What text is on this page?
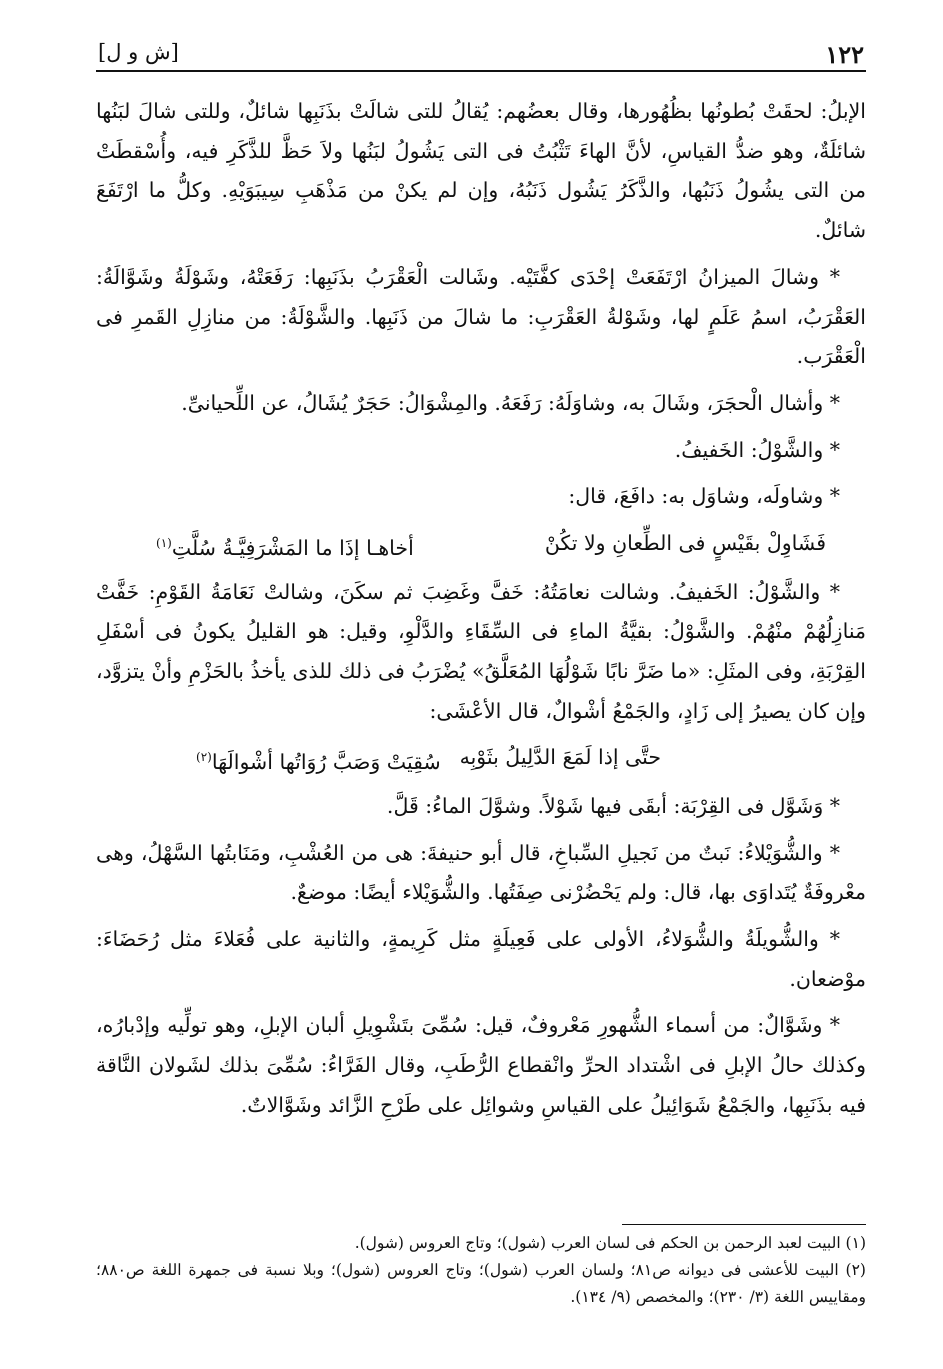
١٢٢
[ش و ل]

الإبلُ: لحقَتْ بُطونُها بظُهُورها، وقال بعضُهم: يُقالُ للتى شالَتْ بذَنَبِها شائلٌ، وللتى شالَ لبَنُها شائلَةٌ، وهو ضدُّ القياسِ، لأنَّ الهاءَ تَثْبُتُ فى التى يَشُولُ لبَنُها ولاَ حَظَّ للذَّكَرِ فيه، وأُسْقطَتْ من التى يشُولُ ذَنَبُها، والذَّكَرُ يَشُول ذَنَبُهُ، وإن لم يكنْ من مَذْهَبِ سِيبَوَيْهِ. وكلُّ ما ارْتَفَعَ شائلٌ.

* وشالَ الميزانُ ارْتَفَعَتْ إحْدَى كفَّتَيْه. وشَالت الْعَقْرَبُ بذَنَبِها: رَفَعَتْهُ، وشَوْلَةُ وشَوَّالَةُ: العَقْرَبُ، اسمُ عَلَمٍ لها، وشَوْلةُ العَقْرَبِ: ما شالَ من ذَنَبِها. والشَّوْلَةُ: من منازِلِ القَمرِ فى الْعَقْرَب.

* وأشال الْحجَرَ، وشَالَ به، وشاوَلَهُ: رَفَعَهُ. والمِشْوَالُ: حَجَرٌ يُشَالُ، عن اللِّحيانىِّ.

* والشَّوْلُ: الخَفيفُ.

* وشاولَه، وشاوَل به: دافَعَ، قال:

فَشَاوِلْ بقَيْسٍ فى الطِّعانِ ولا تكُنْ
أخاهـا إذَا ما المَشْرَفِيَّـةُ سُلَّتِ$^{(١)}$

* والشَّوْلُ: الخَفيفُ. وشالت نعامَتُهُ: خَفَّ وغَضِبَ ثم سكَنَ، وشالتْ نَعَامَةُ القَوْمِ: خَفَّتْ مَنازِلُهُمْ منْهُمْ. والشَّوْلُ: بقيَّةُ الماءِ فى السِّقَاءِ والدَّلْوِ، وقيل: هو القليلُ يكونُ فى أسْفَلِ القِرْبَةِ، وفى المثَلِ: «ما ضَرَّ نابًا شَوْلُهَا المُعَلَّقُ» يُضْرَبُ فى ذلك للذى يأخذُ بالحَزْمِ وأنْ يتزوَّد، وإن كان يصيرُ إلى زَادٍ، والجَمْعُ أشْوالٌ، قال الأعْشَى:

حتَّى إذا لَمَعَ الدَّلِيلُ بثَوْبِه
سُقِيَتْ وَصَبَّ رُوَاتُها أشْوالَهَا$^{(٢)}$

* وَشَوَّل فى القِرْبَة: أبقَى فيها شَوْلاً. وشوَّلَ الماءُ: قَلَّ.

* والشُّوَيْلاءُ: نَبتٌ من نَجيلِ السِّباخِ، قال أبو حنيفةَ: هى من العُشْبِ، ومَنَابتُها السَّهْلُ، وهى معْروفَةٌ يُتَداوَى بها، قال: ولم يَحْضُرْنى صِفَتُها. والشُّوَيْلاء أيضًا: موضعٌ.

* والشُّويلَةُ والشُّوَلاءُ، الأولى على فَعِيلَةٍ مثل كَرِيمةٍ، والثانية على فُعَلاءَ مثل رُحَضَاءَ: موْضعان.

* وشَوَّالٌ: من أسماء الشُّهورِ مَعْروفٌ، قيل: سُمِّىَ بتَشْوِيلِ ألبان الإبلِ، وهو تولِّيه وإدْبارُه، وكذلك حالُ الإبلِ فى اشْتداد الحرِّ وانْقطاع الرُّطَبِ، وقال الفَرَّاءُ: سُمِّىَ بذلك لشَولان النَّاقة فيه بذَنَبِها، والجَمْعُ شَوَائِيلُ على القياسِ وشوائِل على طَرْحِ الزَّائد وشَوَّالاتٌ.

(١) البيت لعبد الرحمن بن الحكم فى لسان العرب (شول)؛ وتاج العروس (شول).

(٢) البيت للأعشى فى ديوانه ص٨١؛ ولسان العرب (شول)؛ وتاج العروس (شول)؛ وبلا نسبة فى جمهرة اللغة ص٨٨٠؛ ومقاييس اللغة (٣/ ٢٣٠)؛ والمخصص (٩/ ١٣٤).
